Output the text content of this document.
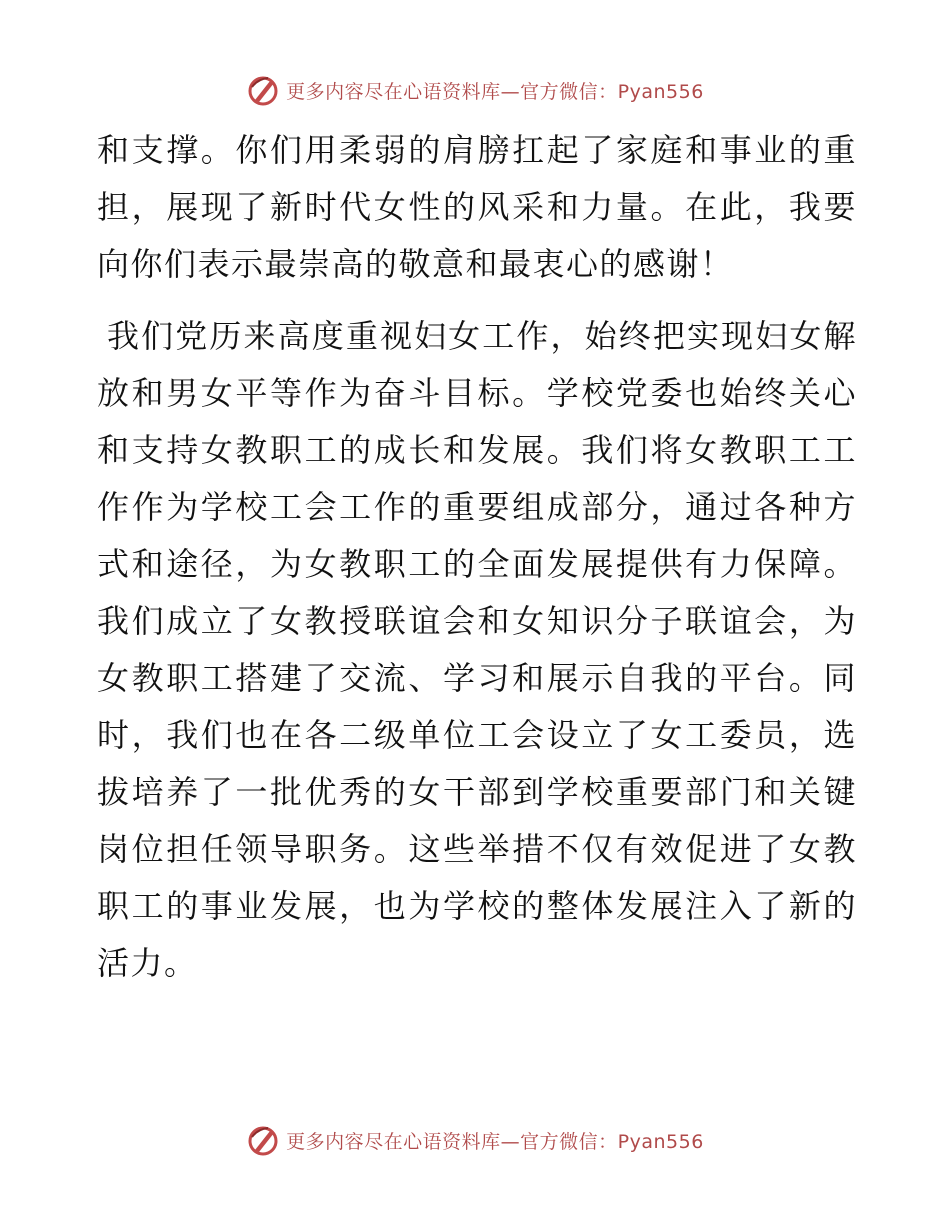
更多内容尽在心语资料库—官方微信：Pyan556

和支撑。你们用柔弱的肩膀扛起了家庭和事业的重担，展现了新时代女性的风采和力量。在此，我要向你们表示最崇高的敬意和最衷心的感谢！

我们党历来高度重视妇女工作，始终把实现妇女解放和男女平等作为奋斗目标。学校党委也始终关心和支持女教职工的成长和发展。我们将女教职工工作作为学校工会工作的重要组成部分，通过各种方式和途径，为女教职工的全面发展提供有力保障。我们成立了女教授联谊会和女知识分子联谊会，为女教职工搭建了交流、学习和展示自我的平台。同时，我们也在各二级单位工会设立了女工委员，选拔培养了一批优秀的女干部到学校重要部门和关键岗位担任领导职务。这些举措不仅有效促进了女教职工的事业发展，也为学校的整体发展注入了新的活力。

更多内容尽在心语资料库—官方微信：Pyan556
